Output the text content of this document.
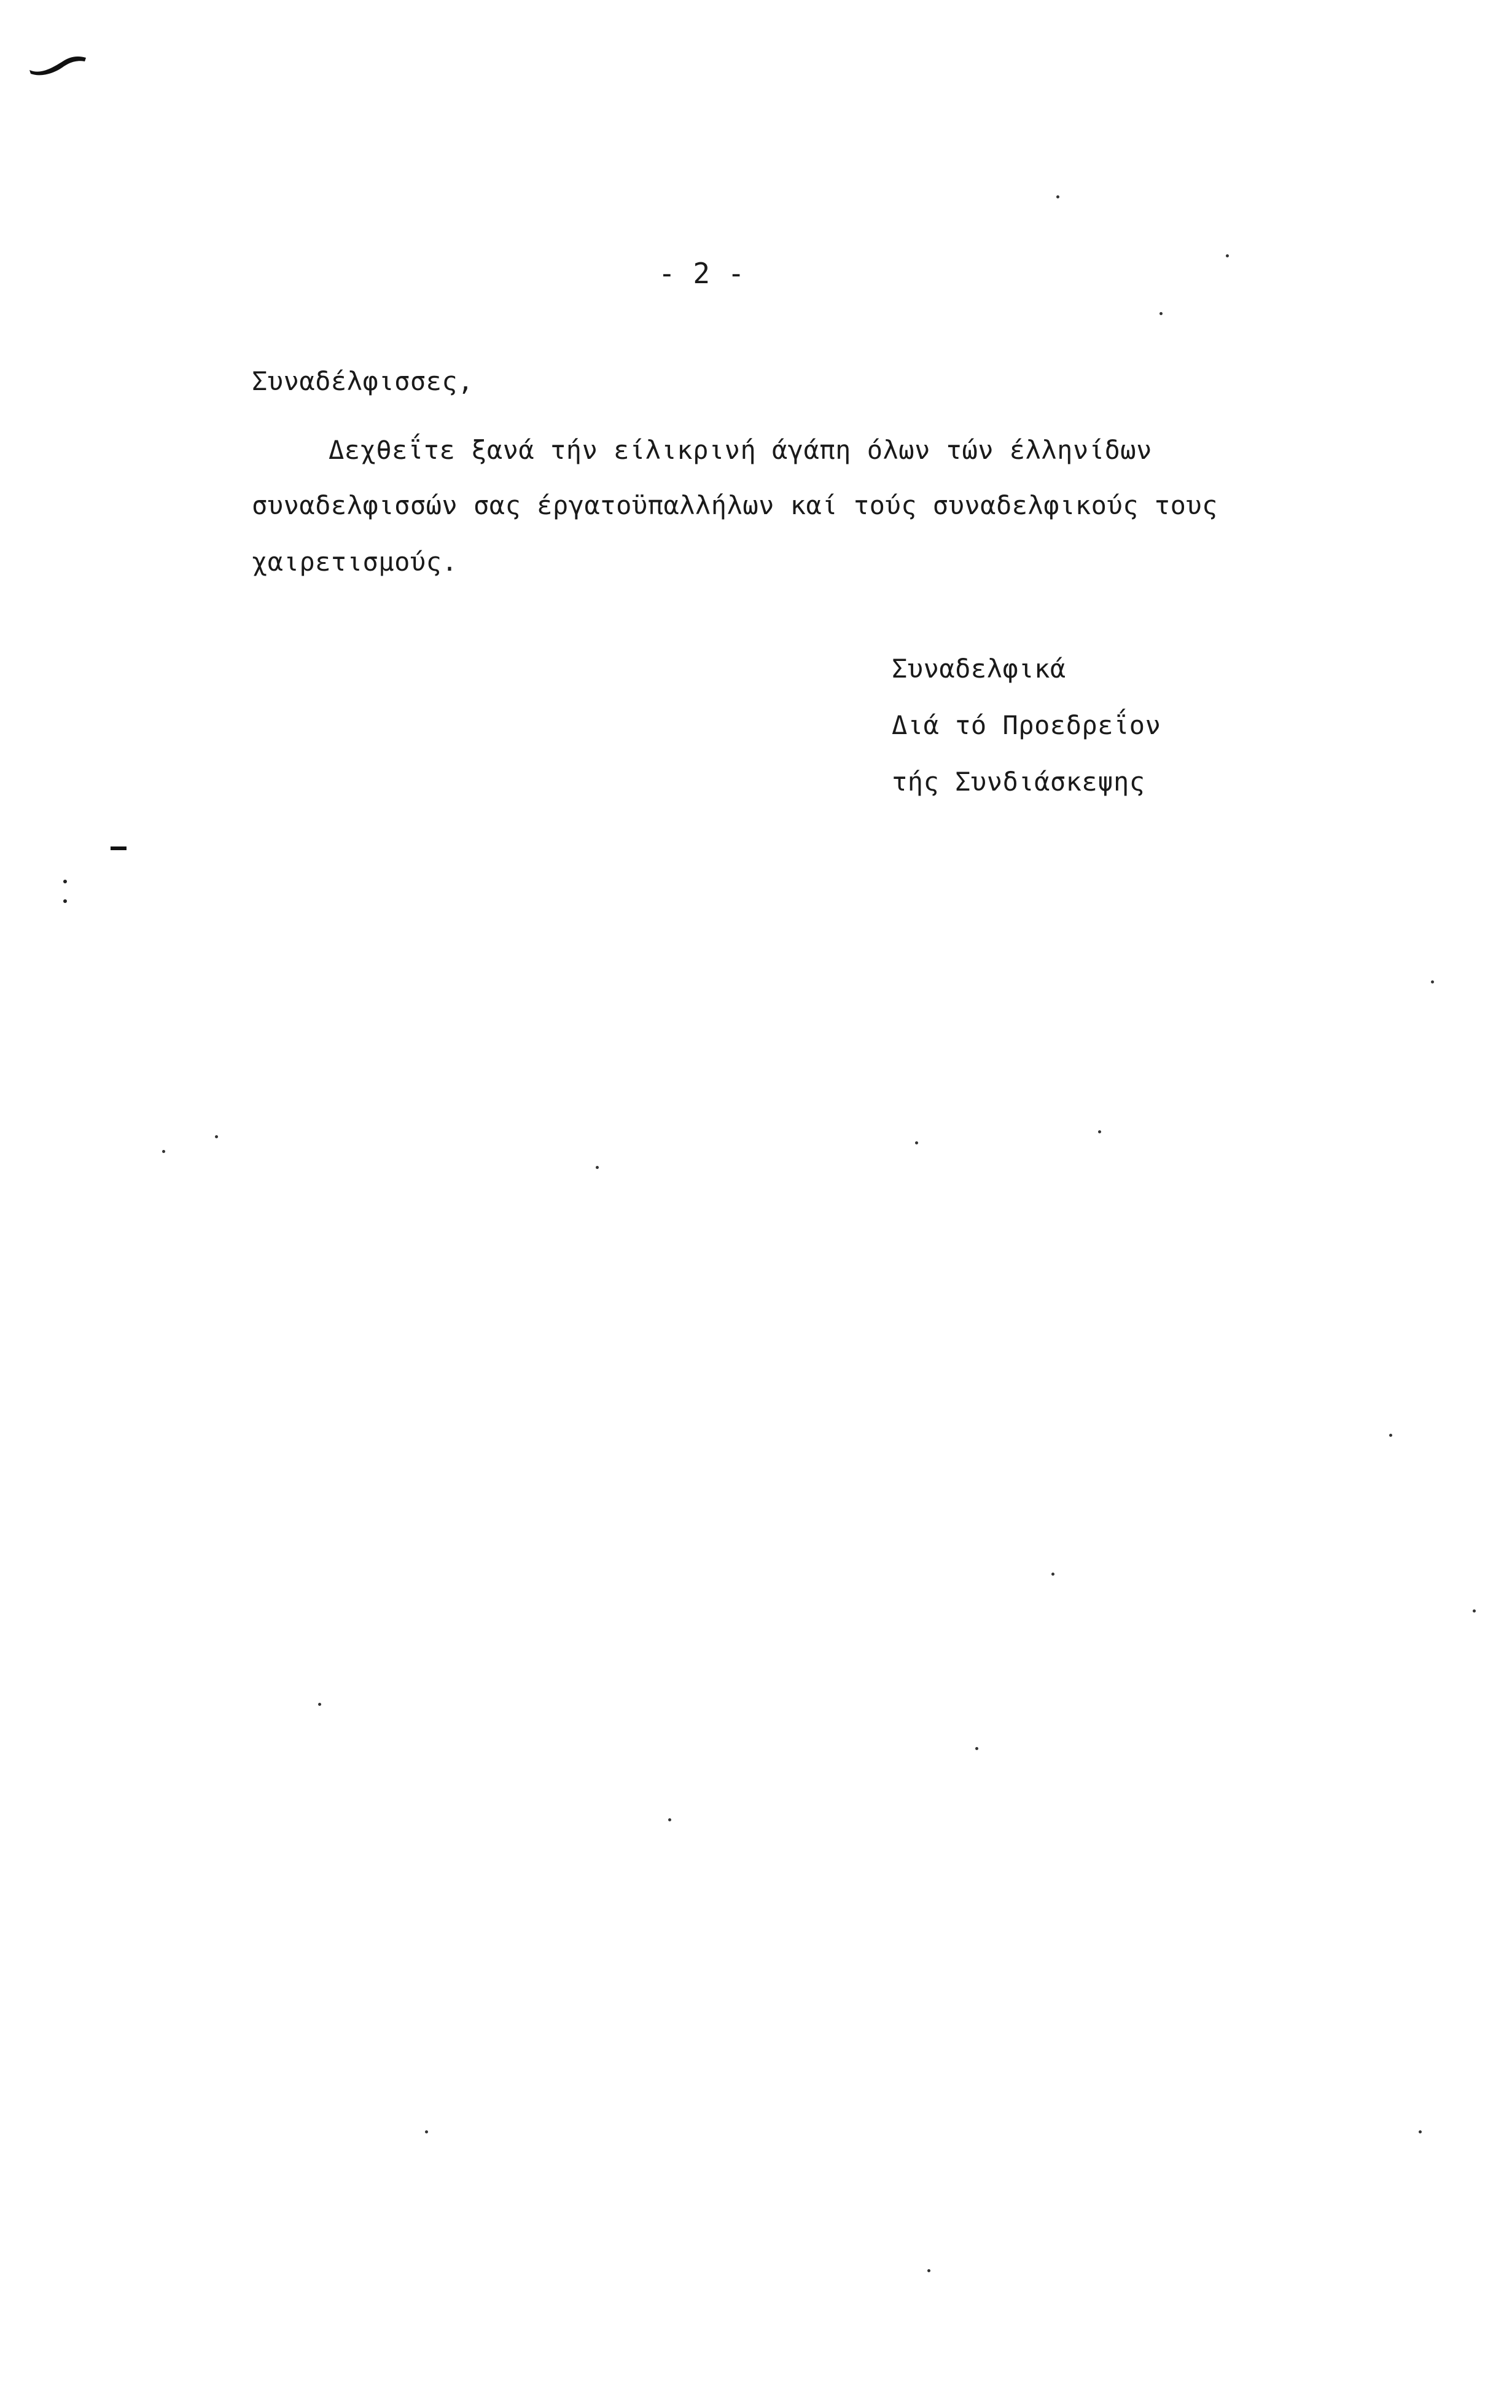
- 2 -
Συναδέλφισσες,
Δεχθεΐτε ξανά τήν είλικρινή άγάπη όλων τών έλληνίδων
συναδελφισσών σας έργατοϋπαλλήλων καί τούς συναδελφικούς τους
χαιρετισμούς.
Συναδελφικά
Διά τό Προεδρεΐον
τής Συνδιάσκεψης
